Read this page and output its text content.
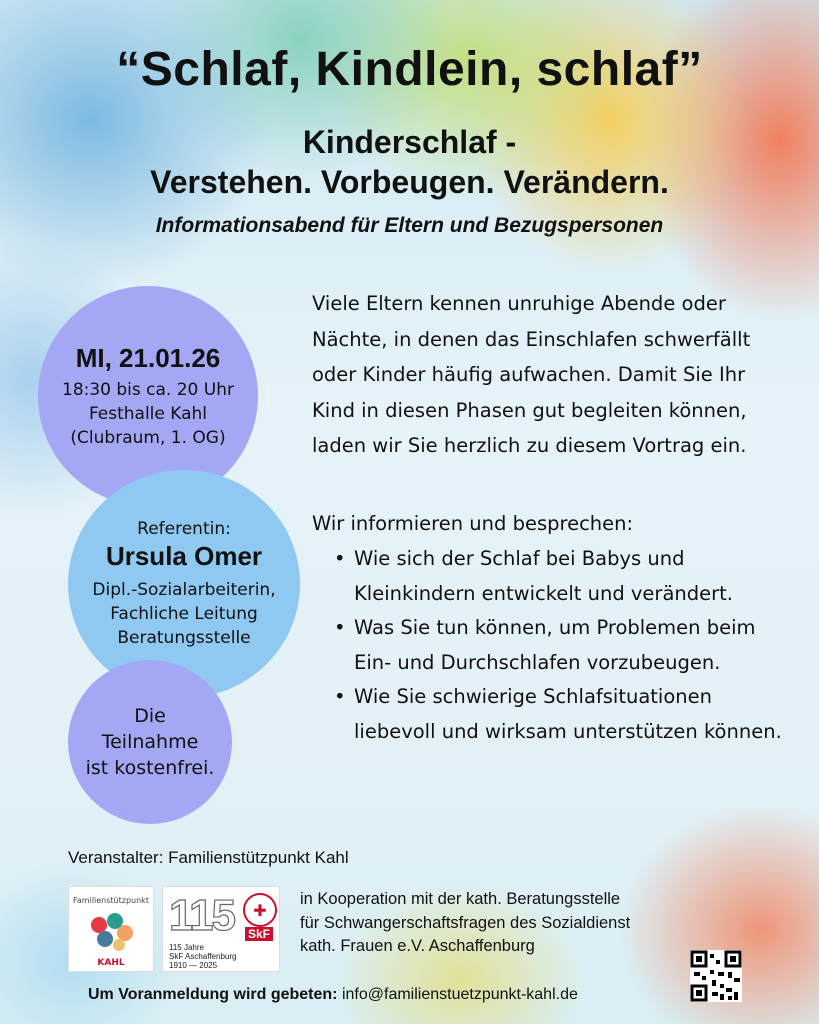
“Schlaf, Kindlein, schlaf”
Kinderschlaf -
Verstehen. Vorbeugen. Verändern.
Informationsabend für Eltern und Bezugspersonen
MI, 21.01.26
18:30 bis ca. 20 Uhr
Festhalle Kahl
(Clubraum, 1. OG)
Referentin:
Ursula Omer
Dipl.-Sozialarbeiterin,
Fachliche Leitung
Beratungsstelle
Die
Teilnahme
ist kostenfrei.
Viele Eltern kennen unruhige Abende oder Nächte, in denen das Einschlafen schwerfällt oder Kinder häufig aufwachen. Damit Sie Ihr Kind in diesen Phasen gut begleiten können, laden wir Sie herzlich zu diesem Vortrag ein.
Wir informieren und besprechen:
• Wie sich der Schlaf bei Babys und Kleinkindern entwickelt und verändert.
• Was Sie tun können, um Problemen beim Ein- und Durchschlafen vorzubeugen.
• Wie Sie schwierige Schlafsituationen liebevoll und wirksam unterstützen können.
Veranstalter: Familienstützpunkt Kahl
Familienstützpunkt
KAHL
115	✚
SkF
115 Jahre
SkF Aschaffenburg
1910 — 2025
in Kooperation mit der kath. Beratungsstelle
für Schwangerschaftsfragen des Sozialdienst
kath. Frauen e.V. Aschaffenburg
Um Voranmeldung wird gebeten: info@familienstuetzpunkt-kahl.de
